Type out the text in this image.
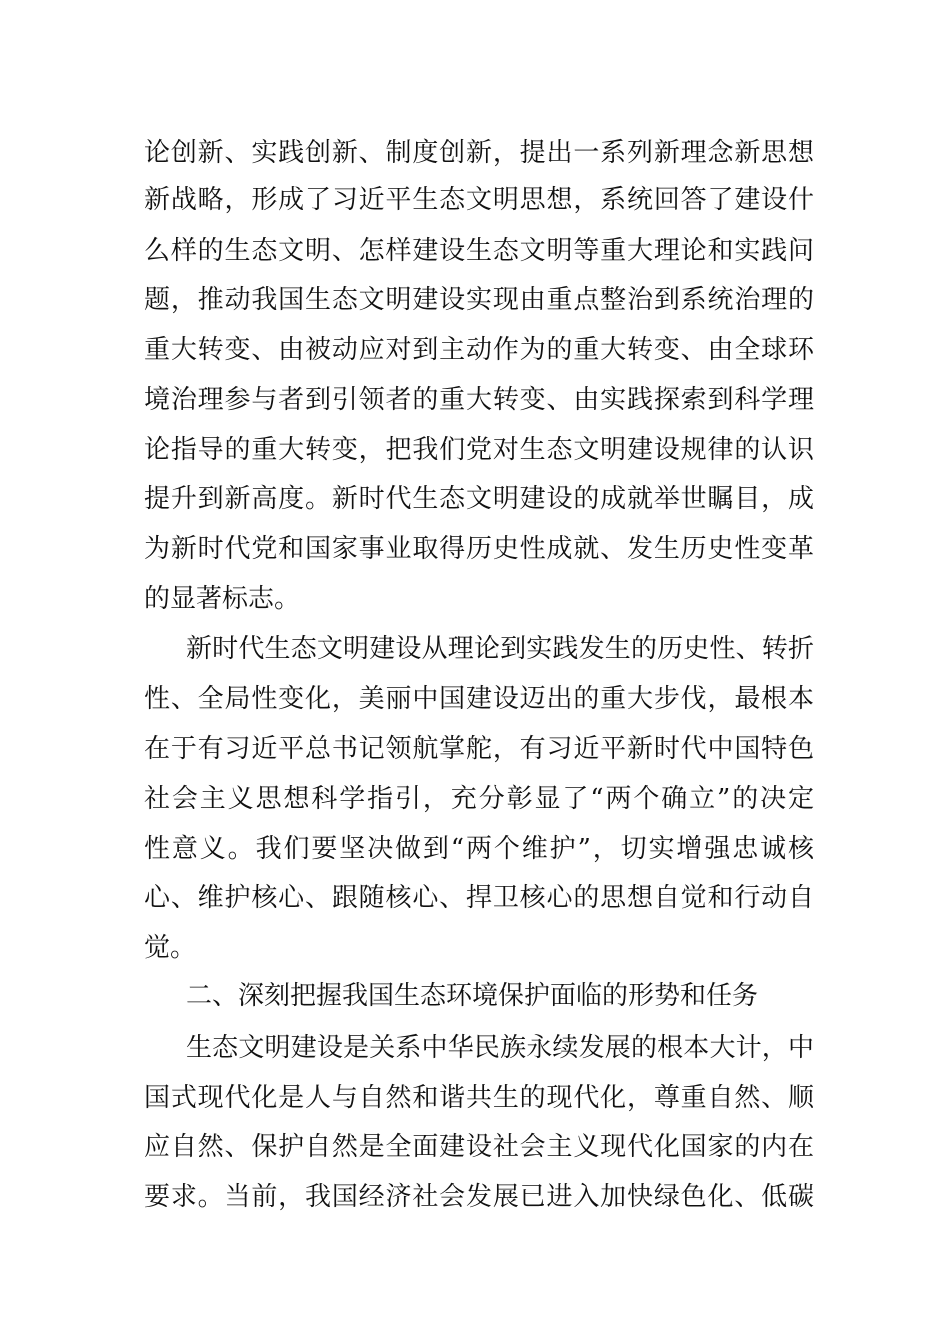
论创新、实践创新、制度创新，提出一系列新理念新思想
新战略，形成了习近平生态文明思想，系统回答了建设什
么样的生态文明、怎样建设生态文明等重大理论和实践问
题，推动我国生态文明建设实现由重点整治到系统治理的
重大转变、由被动应对到主动作为的重大转变、由全球环
境治理参与者到引领者的重大转变、由实践探索到科学理
论指导的重大转变，把我们党对生态文明建设规律的认识
提升到新高度。新时代生态文明建设的成就举世瞩目，成
为新时代党和国家事业取得历史性成就、发生历史性变革
的显著标志。
新时代生态文明建设从理论到实践发生的历史性、转折
性、全局性变化，美丽中国建设迈出的重大步伐，最根本
在于有习近平总书记领航掌舵，有习近平新时代中国特色
社会主义思想科学指引，充分彰显了“两个确立”的决定
性意义。我们要坚决做到“两个维护”，切实增强忠诚核
心、维护核心、跟随核心、捍卫核心的思想自觉和行动自
觉。
二、深刻把握我国生态环境保护面临的形势和任务
生态文明建设是关系中华民族永续发展的根本大计，中
国式现代化是人与自然和谐共生的现代化，尊重自然、顺
应自然、保护自然是全面建设社会主义现代化国家的内在
要求。当前，我国经济社会发展已进入加快绿色化、低碳
